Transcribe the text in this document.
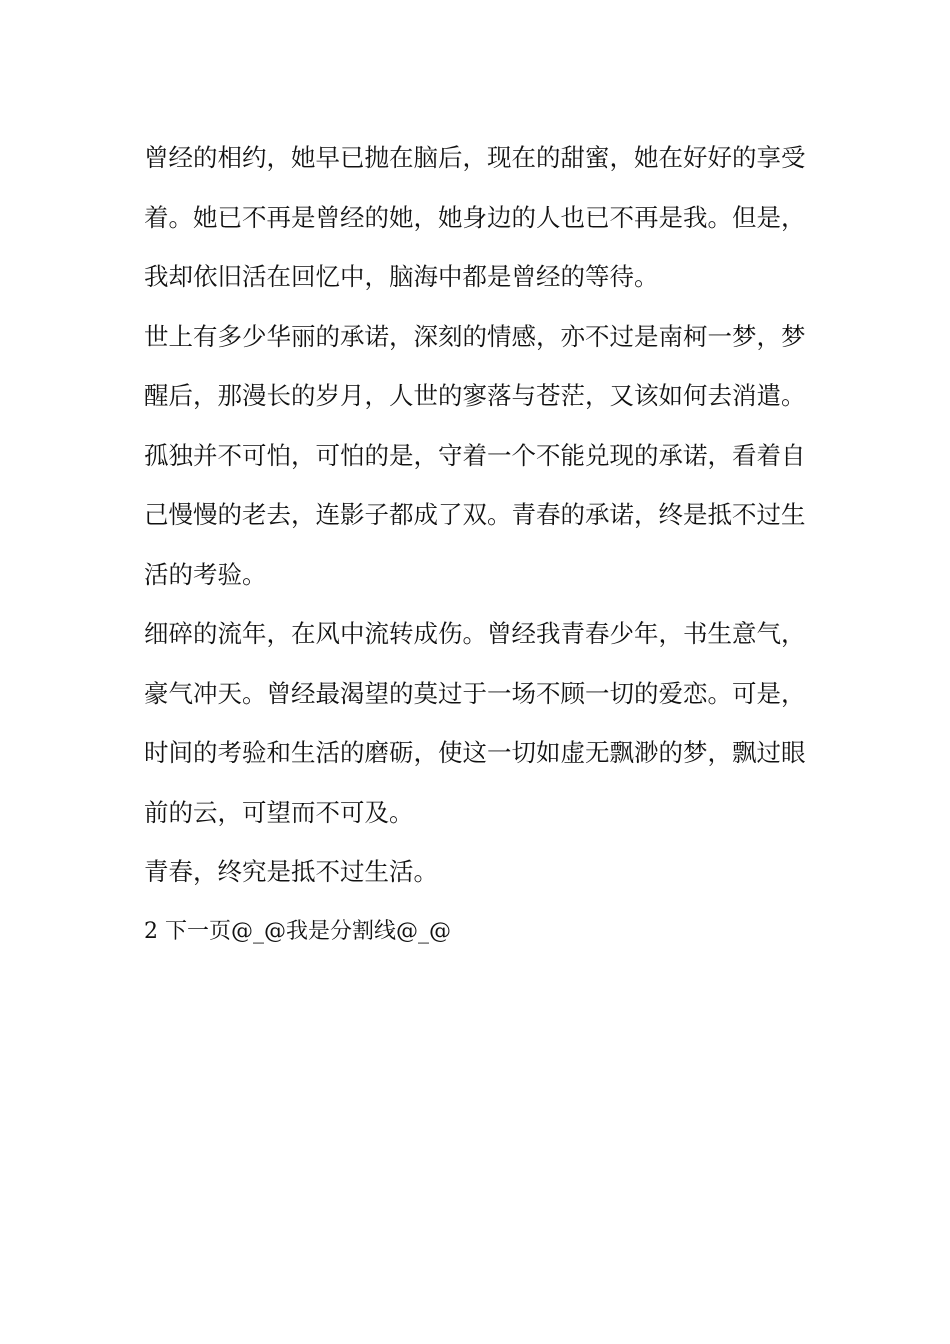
曾经的相约，她早已抛在脑后，现在的甜蜜，她在好好的享受
着。她已不再是曾经的她，她身边的人也已不再是我。但是，
我却依旧活在回忆中，脑海中都是曾经的等待。
世上有多少华丽的承诺，深刻的情感，亦不过是南柯一梦，梦
醒后，那漫长的岁月，人世的寥落与苍茫，又该如何去消遣。
孤独并不可怕，可怕的是，守着一个不能兑现的承诺，看着自
己慢慢的老去，连影子都成了双。青春的承诺，终是抵不过生
活的考验。
细碎的流年，在风中流转成伤。曾经我青春少年，书生意气，
豪气冲天。曾经最渴望的莫过于一场不顾一切的爱恋。可是，
时间的考验和生活的磨砺，使这一切如虚无飘渺的梦，飘过眼
前的云，可望而不可及。
青春，终究是抵不过生活。
2 下一页@_@我是分割线@_@
